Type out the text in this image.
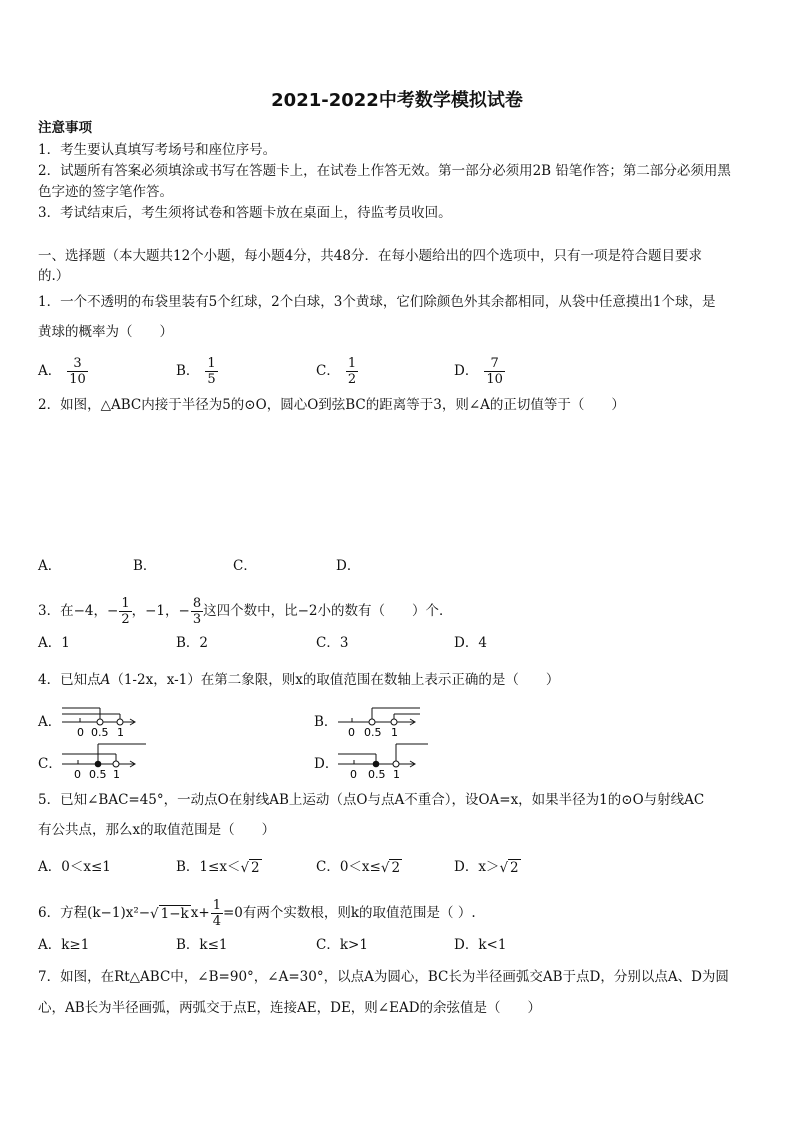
2021-2022中考数学模拟试卷
注意事项
1．考生要认真填写考场号和座位序号。
2．试题所有答案必须填涂或书写在答题卡上，在试卷上作答无效。第一部分必须用2B 铅笔作答；第二部分必须用黑
色字迹的签字笔作答。
3．考试结束后，考生须将试卷和答题卡放在桌面上，待监考员收回。
一、选择题（本大题共12个小题，每小题4分，共48分．在每小题给出的四个选项中，只有一项是符合题目要求
的.）
1．一个不透明的布袋里装有5个红球，2个白球，3个黄球，它们除颜色外其余都相同，从袋中任意摸出1个球，是
黄球的概率为（　　）
A． $\frac{3}{10}$	B． $\frac{1}{5}$	C． $\frac{1}{2}$	D． $\frac{7}{10}$
2．如图，△ABC内接于半径为5的⊙O，圆心O到弦BC的距离等于3，则∠A的正切值等于（　　）
A．	B．	C．	D．
3．在−4，− $\frac{1}{2}$ ，−1，− $\frac{8}{3}$ 这四个数中，比−2小的数有（　　）个．
A．1	B．2	C．3	D．4
4．已知点A（1-2x，x-1）在第二象限，则x的取值范围在数轴上表示正确的是（　　）
A．
0 0.5 1
B．
0 0.5 1
C．
0 0.5 1
D．
0 0.5 1
5．已知∠BAC=45°，一动点O在射线AB上运动（点O与点A不重合），设OA=x，如果半径为1的⊙O与射线AC
有公共点，那么x的取值范围是（　　）
A．0＜x≤1	B．1≤x＜√ 2	C．0＜x≤√ 2	D．x＞√ 2
6．方程(k−1)x²−√ 1−k $x+ \frac{1}{4} =0$有两个实数根，则k的取值范围是（ ）.
A．k≥1	B．k≤1	C．k>1	D．k<1
7．如图，在Rt△ABC中，∠B=90°，∠A=30°，以点A为圆心，BC长为半径画弧交AB于点D，分别以点A、D为圆
心，AB长为半径画弧，两弧交于点E，连接AE，DE，则∠EAD的余弦值是（　　）
